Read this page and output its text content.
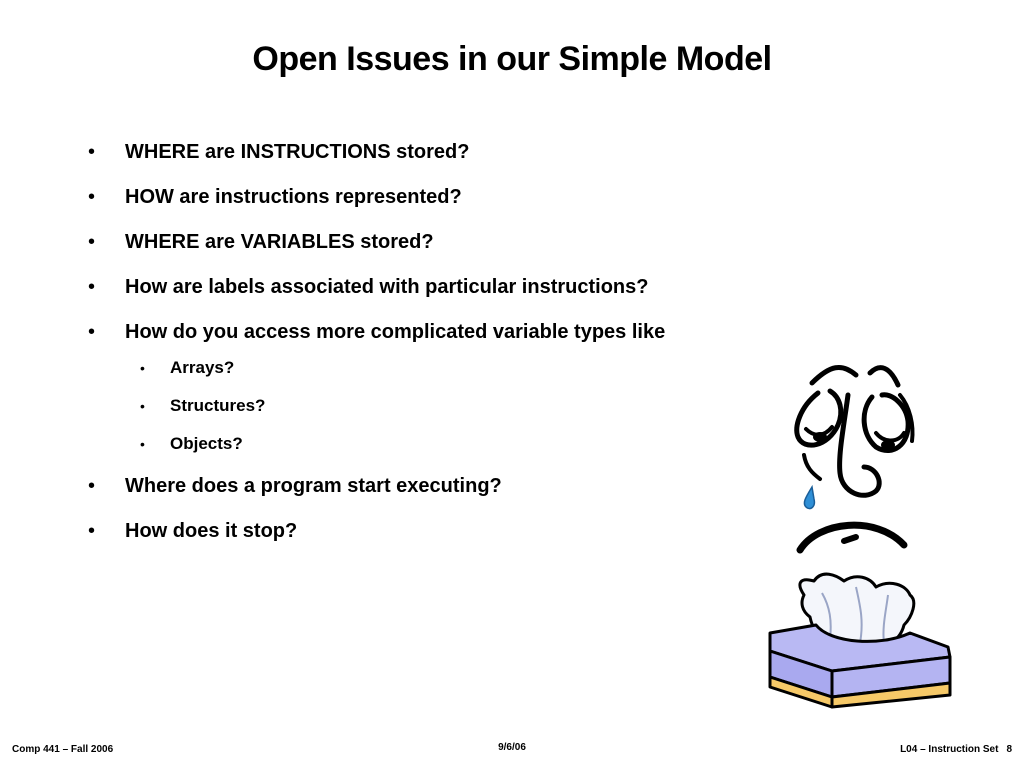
Open Issues in our Simple Model
• WHERE are INSTRUCTIONS stored?
• HOW are instructions represented?
• WHERE are VARIABLES stored?
• How are labels associated with particular instructions?
• How do you access more complicated variable types like
• Arrays?
• Structures?
• Objects?
• Where does a program start executing?
• How does it stop?
Comp 441 – Fall 2006	9/6/06	L04 – Instruction Set 8
